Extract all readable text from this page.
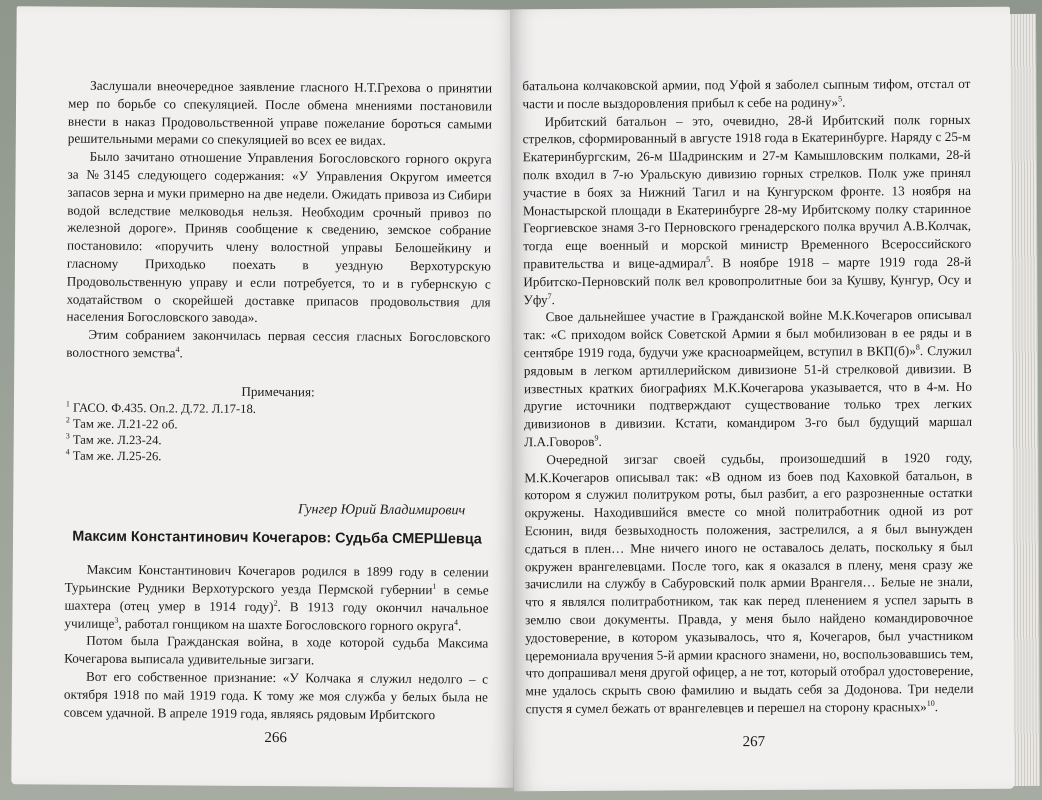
Заслушали внеочередное заявление гласного Н.Т.Грехова о принятии мер по борьбе со спекуляцией. После обмена мнениями постановили внести в наказ Продовольственной управе пожелание бороться самыми решительными мерами со спекуляцией во всех ее видах.

Было зачитано отношение Управления Богословского горного округа за №3145 следующего содержания: «У Управления Округом имеется запасов зерна и муки примерно на две недели. Ожидать привоза из Сибири водой вследствие мелководья нельзя. Необходим срочный привоз по железной дороге». Приняв сообщение к сведению, земское собрание постановило: «поручить члену волостной управы Белошейкину и гласному Приходько поехать в уездную Верхотурскую Продовольственную управу и если потребуется, то и в губернскую с ходатайством о скорейшей доставке припасов продовольствия для населения Богословского завода».

Этим собранием закончилась первая сессия гласных Богословского волостного земства$^4$.

Примечания:

$^1$ ГАСО. Ф.435. Оп.2. Д.72. Л.17-18.

$^2$ Там же. Л.21-22 об.

$^3$ Там же. Л.23-24.

$^4$ Там же. Л.25-26.

Гунгер Юрий Владимирович

Максим Константинович Кочегаров: Судьба СМЕРШевца

Максим Константинович Кочегаров родился в 1899 году в селении Турьинские Рудники Верхотурского уезда Пермской губернии$^1$ в семье шахтера (отец умер в 1914 году)$^2$. В 1913 году окончил начальное училище$^3$, работал гонщиком на шахте Богословского горного округа$^4$.

Потом была Гражданская война, в ходе которой судьба Максима Кочегарова выписала удивительные зигзаги.

Вот его собственное признание: «У Колчака я служил недолго – с октября 1918 по май 1919 года. К тому же моя служба у белых была не совсем удачной. В апреле 1919 года, являясь рядовым Ирбитского

266

батальона колчаковской армии, под Уфой я заболел сыпным тифом, отстал от части и после выздоровления прибыл к себе на родину»$^5$.

Ирбитский батальон – это, очевидно, 28-й Ирбитский полк горных стрелков, сформированный в августе 1918 года в Екатеринбурге. Наряду с 25-м Екатеринбургским, 26-м Шадринским и 27-м Камышловским полками, 28-й полк входил в 7-ю Уральскую дивизию горных стрелков. Полк уже принял участие в боях за Нижний Тагил и на Кунгурском фронте. 13 ноября на Монастырской площади в Екатеринбурге 28-му Ирбитскому полку старинное Георгиевское знамя 3-го Перновского гренадерского полка вручил А.В.Колчак, тогда еще военный и морской министр Временного Всероссийского правительства и вице-адмирал$^5$. В ноябре 1918 – марте 1919 года 28-й Ирбитско-Перновский полк вел кровопролитные бои за Кушву, Кунгур, Осу и Уфу$^7$.

Свое дальнейшее участие в Гражданской войне М.К.Кочегаров описывал так: «С приходом войск Советской Армии я был мобилизован в ее ряды и в сентябре 1919 года, будучи уже красноармейцем, вступил в ВКП(б)»$^8$. Служил рядовым в легком артиллерийском дивизионе 51-й стрелковой дивизии. В известных кратких биографиях М.К.Кочегарова указывается, что в 4-м. Но другие источники подтверждают существование только трех легких дивизионов в дивизии. Кстати, командиром 3-го был будущий маршал Л.А.Говоров$^9$.

Очередной зигзаг своей судьбы, произошедший в 1920 году, М.К.Кочегаров описывал так: «В одном из боев под Каховкой батальон, в котором я служил политруком роты, был разбит, а его разрозненные остатки окружены. Находившийся вместе со мной политработник одной из рот Есюнин, видя безвыходность положения, застрелился, а я был вынужден сдаться в плен… Мне ничего иного не оставалось делать, поскольку я был окружен врангелевцами. После того, как я оказался в плену, меня сразу же зачислили на службу в Сабуровский полк армии Врангеля… Белые не знали, что я являлся политработником, так как перед пленением я успел зарыть в землю свои документы. Правда, у меня было найдено командировочное удостоверение, в котором указывалось, что я, Кочегаров, был участником церемониала вручения 5-й армии красного знамени, но, воспользовавшись тем, что допрашивал меня другой офицер, а не тот, который отобрал удостоверение, мне удалось скрыть свою фамилию и выдать себя за Додонова. Три недели спустя я сумел бежать от врангелевцев и перешел на сторону красных»$^{10}$.

267
